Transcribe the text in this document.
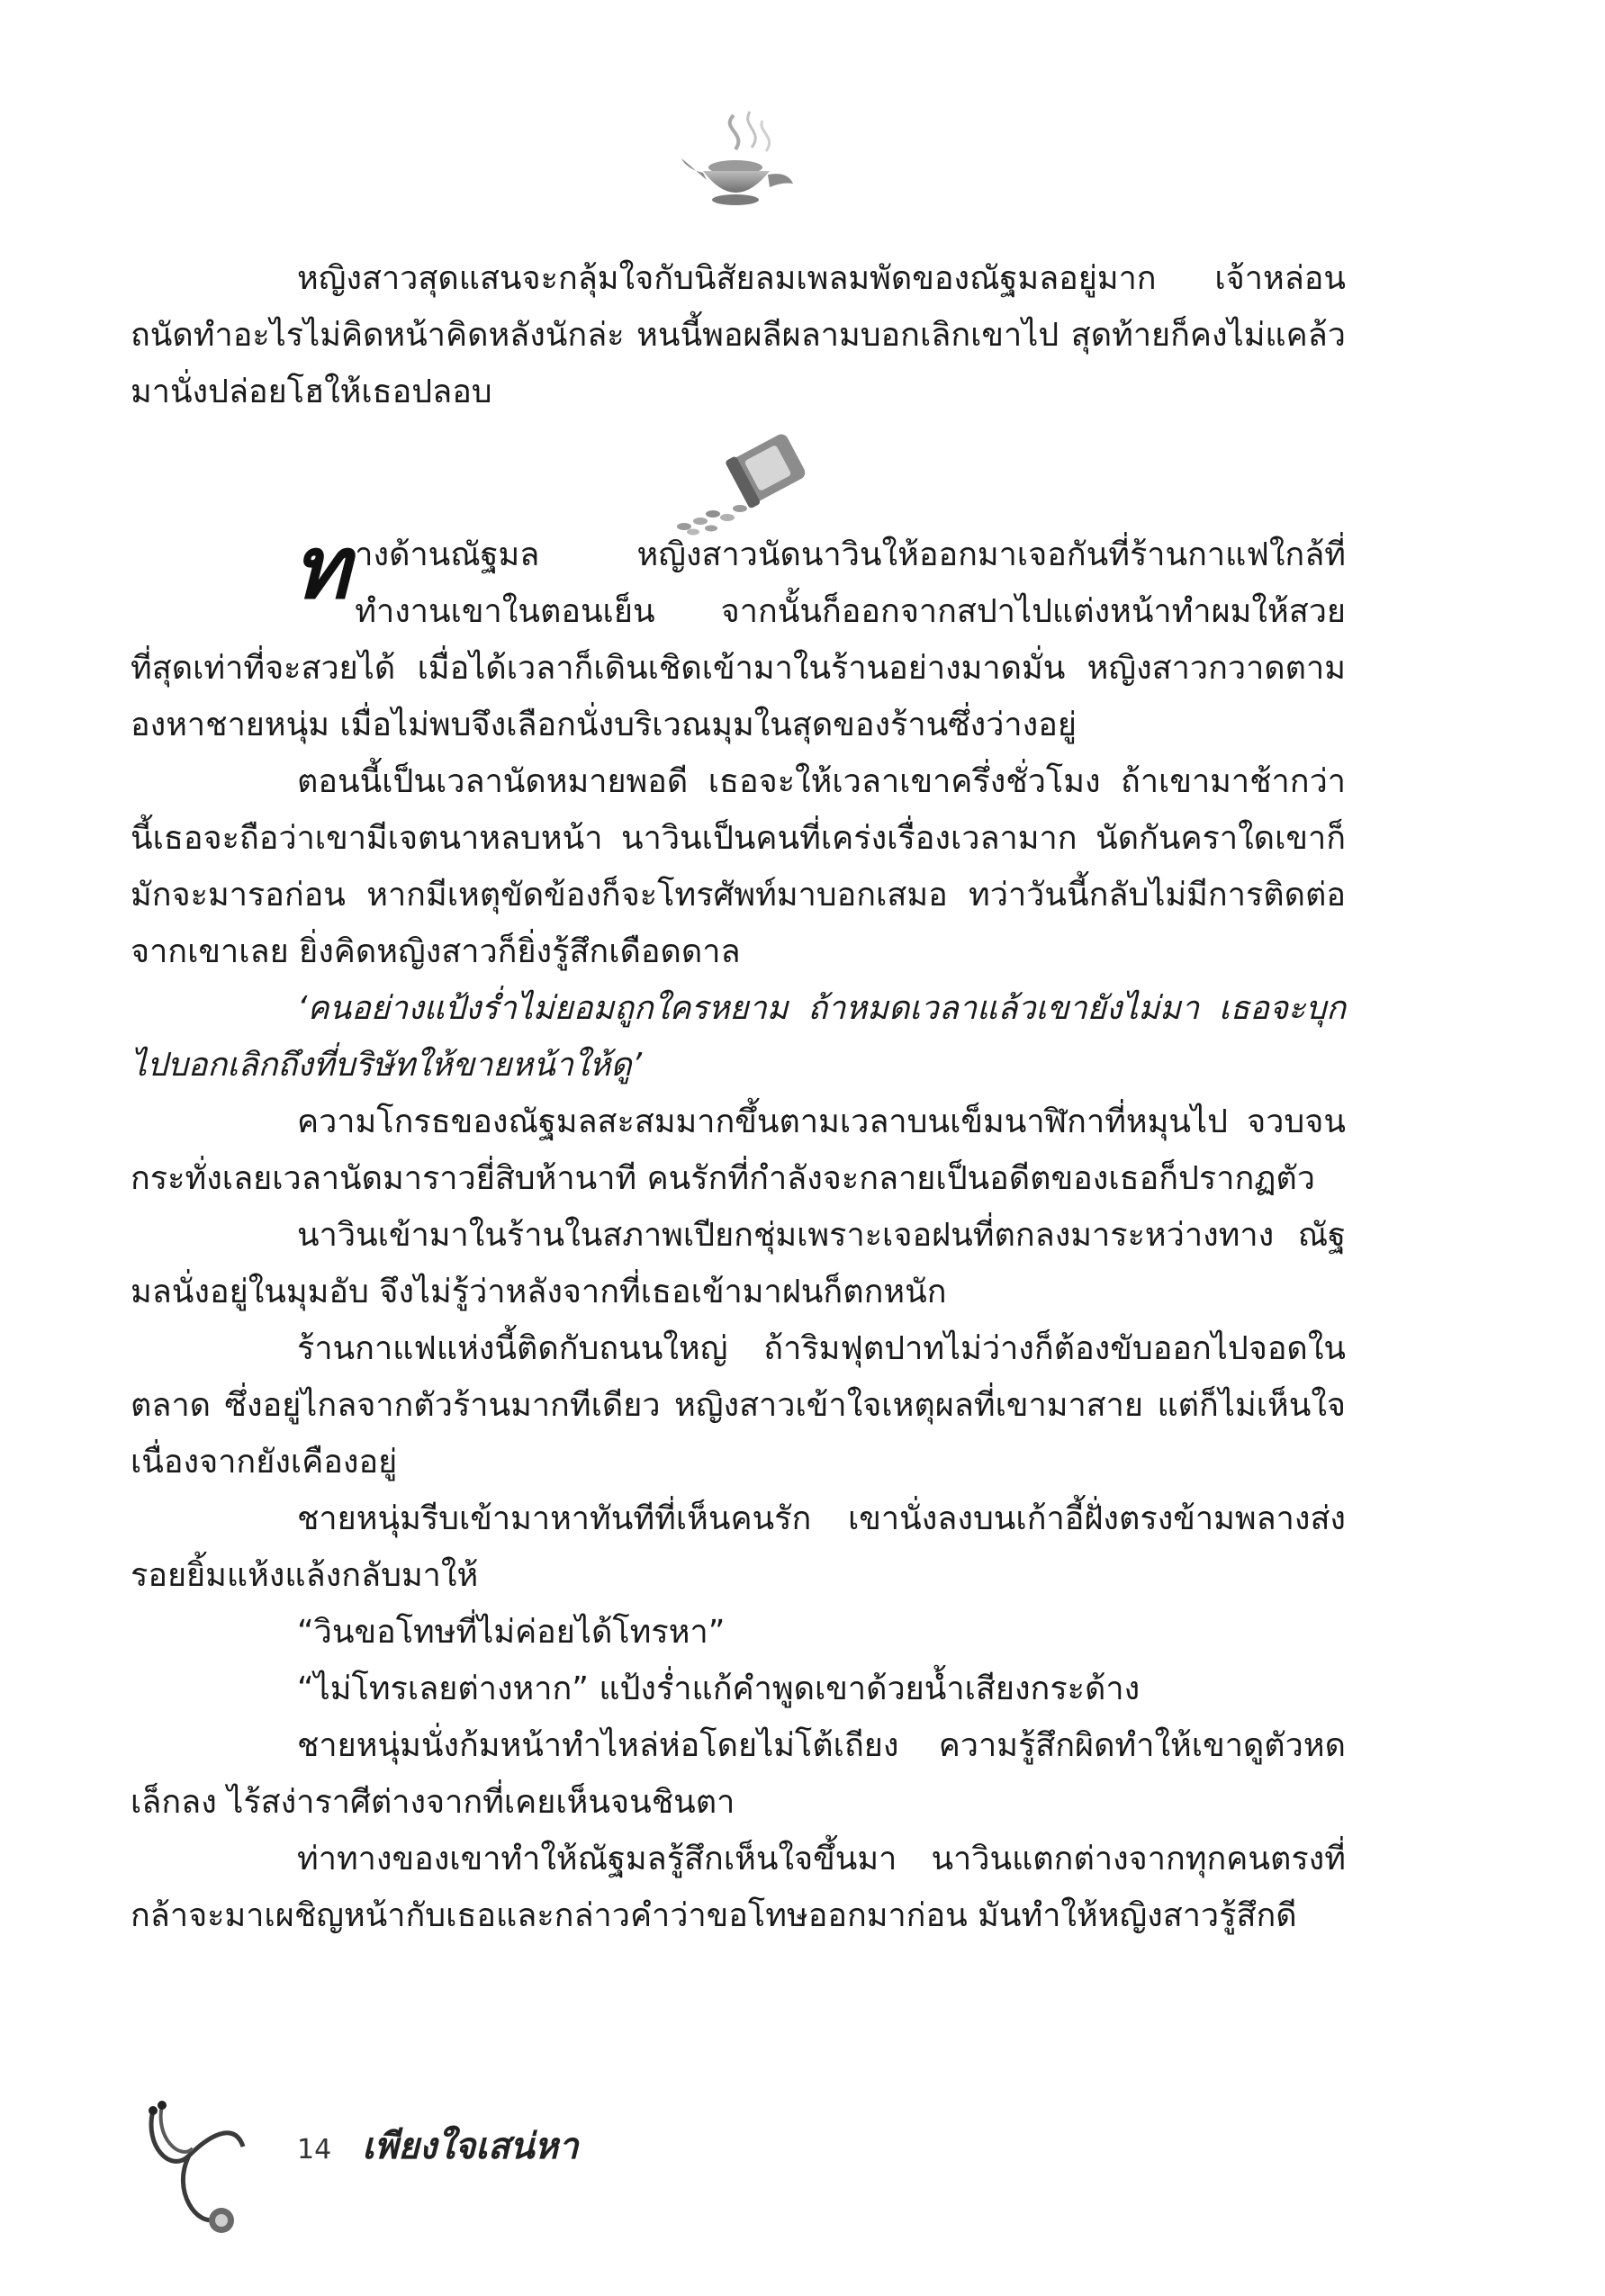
หญิงสาวสุดแสนจะกลุ้มใจกับนิสัยลมเพลมพัดของณัฐมลอยู่มาก เจ้าหล่อนถนัดทำอะไรไม่คิดหน้าคิดหลังนักล่ะ หนนี้พอผลีผลามบอกเลิกเขาไป สุดท้ายก็คงไม่แคล้วมานั่งปล่อยโฮให้เธอปลอบ

ทางด้านณัฐมล หญิงสาวนัดนาวินให้ออกมาเจอกันที่ร้านกาแฟใกล้ที่ทำงานเขาในตอนเย็น จากนั้นก็ออกจากสปาไปแต่งหน้าทำผมให้สวยที่สุดเท่าที่จะสวยได้ เมื่อได้เวลาก็เดินเชิดเข้ามาในร้านอย่างมาดมั่น หญิงสาวกวาดตามองหาชายหนุ่ม เมื่อไม่พบจึงเลือกนั่งบริเวณมุมในสุดของร้านซึ่งว่างอยู่

ตอนนี้เป็นเวลานัดหมายพอดี เธอจะให้เวลาเขาครึ่งชั่วโมง ถ้าเขามาช้ากว่านี้เธอจะถือว่าเขามีเจตนาหลบหน้า นาวินเป็นคนที่เคร่งเรื่องเวลามาก นัดกันคราใดเขาก็มักจะมารอก่อน หากมีเหตุขัดข้องก็จะโทรศัพท์มาบอกเสมอ ทว่าวันนี้กลับไม่มีการติดต่อจากเขาเลย ยิ่งคิดหญิงสาวก็ยิ่งรู้สึกเดือดดาล

‘คนอย่างแป้งร่ำไม่ยอมถูกใครหยาม ถ้าหมดเวลาแล้วเขายังไม่มา เธอจะบุกไปบอกเลิกถึงที่บริษัทให้ขายหน้าให้ดู’

ความโกรธของณัฐมลสะสมมากขึ้นตามเวลาบนเข็มนาฬิกาที่หมุนไป จวบจนกระทั่งเลยเวลานัดมาราวยี่สิบห้านาที คนรักที่กำลังจะกลายเป็นอดีตของเธอก็ปรากฏตัว

นาวินเข้ามาในร้านในสภาพเปียกชุ่มเพราะเจอฝนที่ตกลงมาระหว่างทาง ณัฐมลนั่งอยู่ในมุมอับ จึงไม่รู้ว่าหลังจากที่เธอเข้ามาฝนก็ตกหนัก

ร้านกาแฟแห่งนี้ติดกับถนนใหญ่ ถ้าริมฟุตปาทไม่ว่างก็ต้องขับออกไปจอดในตลาด ซึ่งอยู่ไกลจากตัวร้านมากทีเดียว หญิงสาวเข้าใจเหตุผลที่เขามาสาย แต่ก็ไม่เห็นใจเนื่องจากยังเคืองอยู่

ชายหนุ่มรีบเข้ามาหาทันทีที่เห็นคนรัก เขานั่งลงบนเก้าอี้ฝั่งตรงข้ามพลางส่งรอยยิ้มแห้งแล้งกลับมาให้

“วินขอโทษที่ไม่ค่อยได้โทรหา”

“ไม่โทรเลยต่างหาก” แป้งร่ำแก้คำพูดเขาด้วยน้ำเสียงกระด้าง

ชายหนุ่มนั่งก้มหน้าทำไหล่ห่อโดยไม่โต้เถียง ความรู้สึกผิดทำให้เขาดูตัวหดเล็กลง ไร้สง่าราศีต่างจากที่เคยเห็นจนชินตา

ท่าทางของเขาทำให้ณัฐมลรู้สึกเห็นใจขึ้นมา นาวินแตกต่างจากทุกคนตรงที่กล้าจะมาเผชิญหน้ากับเธอและกล่าวคำว่าขอโทษออกมาก่อน มันทำให้หญิงสาวรู้สึกดี

14 เพียงใจเสน่หา
